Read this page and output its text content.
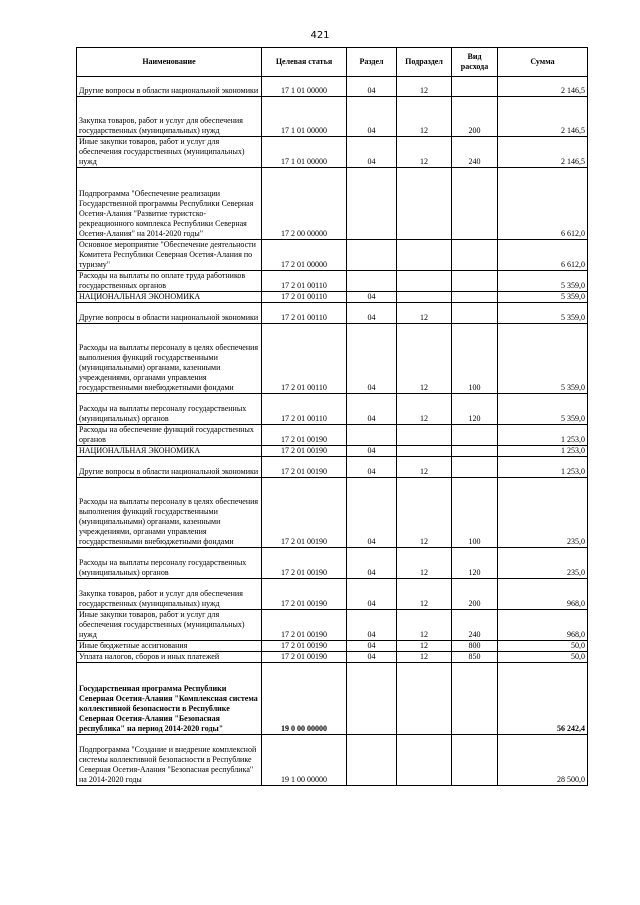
421
Наименование	Целевая статья	Раздел	Подраздел	Вид расхода	Сумма
Другие вопросы в области национальной экономики	17 1 01 00000	04	12		2 146,5
Закупка товаров, работ и услуг для обеспечения государственных (муниципальных) нужд	17 1 01 00000	04	12	200	2 146,5
Иные закупки товаров, работ и услуг для обеспечения государственных (муниципальных) нужд	17 1 01 00000	04	12	240	2 146,5
Подпрограмма "Обеспечение реализации Государственной программы Республики Северная Осетия-Алания "Развитие туристско-рекреационного комплекса Республики Северная Осетия-Алания" на 2014-2020 годы"	17 2 00 00000				6 612,0
Основное мероприятие "Обеспечение деятельности Комитета Республики Северная Осетия-Алания по туризму"	17 2 01 00000				6 612,0
Расходы на выплаты по оплате труда работников государственных органов	17 2 01 00110				5 359,0
НАЦИОНАЛЬНАЯ ЭКОНОМИКА	17 2 01 00110	04			5 359,0
Другие вопросы в области национальной экономики	17 2 01 00110	04	12		5 359,0
Расходы на выплаты персоналу в целях обеспечения выполнения функций государственными (муниципальными) органами, казенными учреждениями, органами управления государственными внебюджетными фондами	17 2 01 00110	04	12	100	5 359,0
Расходы на выплаты персоналу государственных (муниципальных) органов	17 2 01 00110	04	12	120	5 359,0
Расходы на обеспечение функций государственных органов	17 2 01 00190				1 253,0
НАЦИОНАЛЬНАЯ ЭКОНОМИКА	17 2 01 00190	04			1 253,0
Другие вопросы в области национальной экономики	17 2 01 00190	04	12		1 253,0
Расходы на выплаты персоналу в целях обеспечения выполнения функций государственными (муниципальными) органами, казенными учреждениями, органами управления государственными внебюджетными фондами	17 2 01 00190	04	12	100	235,0
Расходы на выплаты персоналу государственных (муниципальных) органов	17 2 01 00190	04	12	120	235,0
Закупка товаров, работ и услуг для обеспечения государственных (муниципальных) нужд	17 2 01 00190	04	12	200	968,0
Иные закупки товаров, работ и услуг для обеспечения государственных (муниципальных) нужд	17 2 01 00190	04	12	240	968,0
Иные бюджетные ассигнования	17 2 01 00190	04	12	800	50,0
Уплата налогов, сборов и иных платежей	17 2 01 00190	04	12	850	50,0
Государственная программа Республики Северная Осетия-Алания "Комплексная система коллективной безопасности в Республике Северная Осетия-Алания "Безопасная республика" на период 2014-2020 годы"	19 0 00 00000				56 242,4
Подпрограмма "Создание и внедрение комплексной системы коллективной безопасности в Республике Северная Осетия-Алания "Безопасная республика" на 2014-2020 годы	19 1 00 00000				28 500,0
